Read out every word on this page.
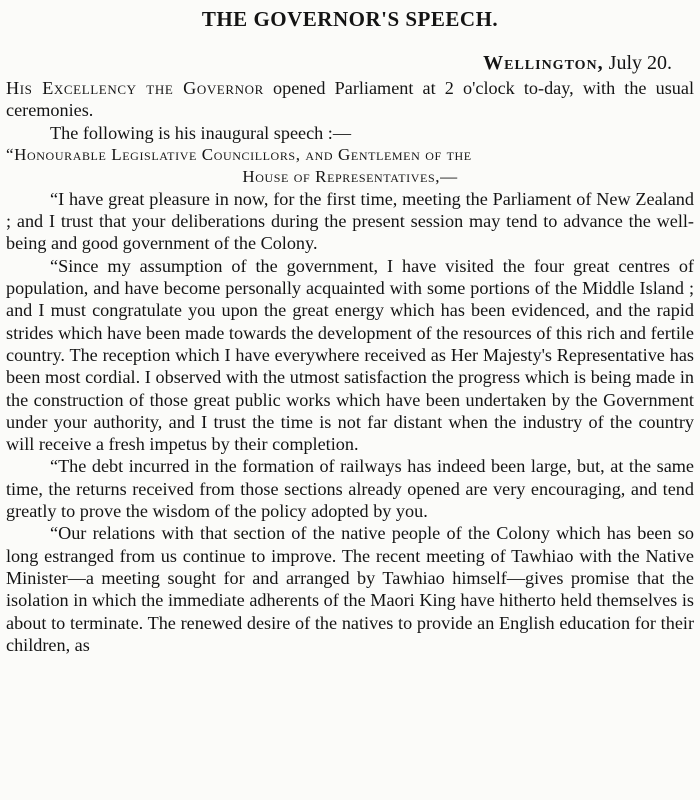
THE GOVERNOR'S SPEECH.
Wellington, July 20.

His Excellency the Governor opened Parliament at 2 o'clock to-day, with the usual ceremonies.

The following is his inaugural speech :—

“Honourable Legislative Councillors, and Gentlemen of the

House of Representatives,—

“I have great pleasure in now, for the first time, meeting the Parliament of New Zealand ; and I trust that your deliberations during the present session may tend to advance the well-being and good government of the Colony.

“Since my assumption of the government, I have visited the four great centres of population, and have become personally acquainted with some portions of the Middle Island ; and I must congratulate you upon the great energy which has been evidenced, and the rapid strides which have been made towards the development of the resources of this rich and fertile country. The reception which I have everywhere received as Her Majesty's Representative has been most cordial. I observed with the utmost satisfaction the progress which is being made in the construction of those great public works which have been undertaken by the Government under your authority, and I trust the time is not far distant when the industry of the country will receive a fresh impetus by their completion.

“The debt incurred in the formation of railways has indeed been large, but, at the same time, the returns received from those sections already opened are very encouraging, and tend greatly to prove the wisdom of the policy adopted by you.

“Our relations with that section of the native people of the Colony which has been so long estranged from us continue to improve. The recent meeting of Tawhiao with the Native Minister—a meeting sought for and arranged by Tawhiao himself—gives promise that the isolation in which the immediate adherents of the Maori King have hitherto held themselves is about to terminate. The renewed desire of the natives to provide an English education for their children, as
